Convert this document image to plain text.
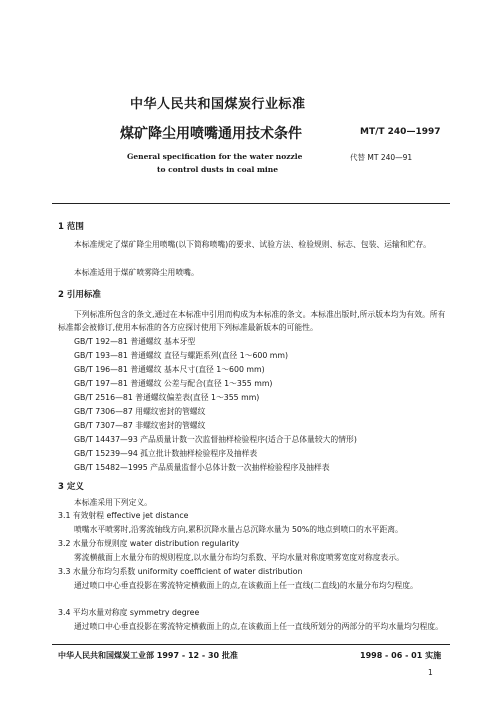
中华人民共和国煤炭行业标准
煤矿降尘用喷嘴通用技术条件	MT/T 240—1997
General specification for the water nozzle
to control dusts in coal mine
代替 MT 240—91
1 范围
本标准规定了煤矿降尘用喷嘴(以下简称喷嘴)的要求、试验方法、检验规则、标志、包装、运输和贮存。
本标准适用于煤矿喷雾降尘用喷嘴。
2 引用标准
下列标准所包含的条文,通过在本标准中引用而构成为本标准的条文。本标准出版时,所示版本均为有效。所有标准都会被修订,使用本标准的各方应探讨使用下列标准最新版本的可能性。
GB/T 192—81 普通螺纹 基本牙型
GB/T 193—81 普通螺纹 直径与螺距系列(直径 1～600 mm)
GB/T 196—81 普通螺纹 基本尺寸(直径 1～600 mm)
GB/T 197—81 普通螺纹 公差与配合(直径 1～355 mm)
GB/T 2516—81 普通螺纹偏差表(直径 1～355 mm)
GB/T 7306—87 用螺纹密封的管螺纹
GB/T 7307—87 非螺纹密封的管螺纹
GB/T 14437—93 产品质量计数一次监督抽样检验程序(适合于总体量较大的情形)
GB/T 15239—94 孤立批计数抽样检验程序及抽样表
GB/T 15482—1995 产品质量监督小总体计数一次抽样检验程序及抽样表
3 定义
本标准采用下列定义。
3.1 有效射程 effective jet distance
喷嘴水平喷雾时,沿雾流轴线方向,累积沉降水量占总沉降水量为 50%的地点到喷口的水平距离。
3.2 水量分布规则度 water distribution regularity
雾流横截面上水量分布的规则程度,以水量分布均匀系数、平均水量对称度喷雾宽度对称度表示。
3.3 水量分布均匀系数 uniformity coefficient of water distribution
通过喷口中心垂直投影在雾流特定横截面上的点,在该截面上任一直线(二直线)的水量分布均匀程度。
3.4 平均水量对称度 symmetry degree
通过喷口中心垂直投影在雾流特定横截面上的点,在该截面上任一直线所划分的两部分的平均水量均匀程度。
中华人民共和国煤炭工业部 1997 - 12 - 30 批准	1998 - 06 - 01 实施
1
